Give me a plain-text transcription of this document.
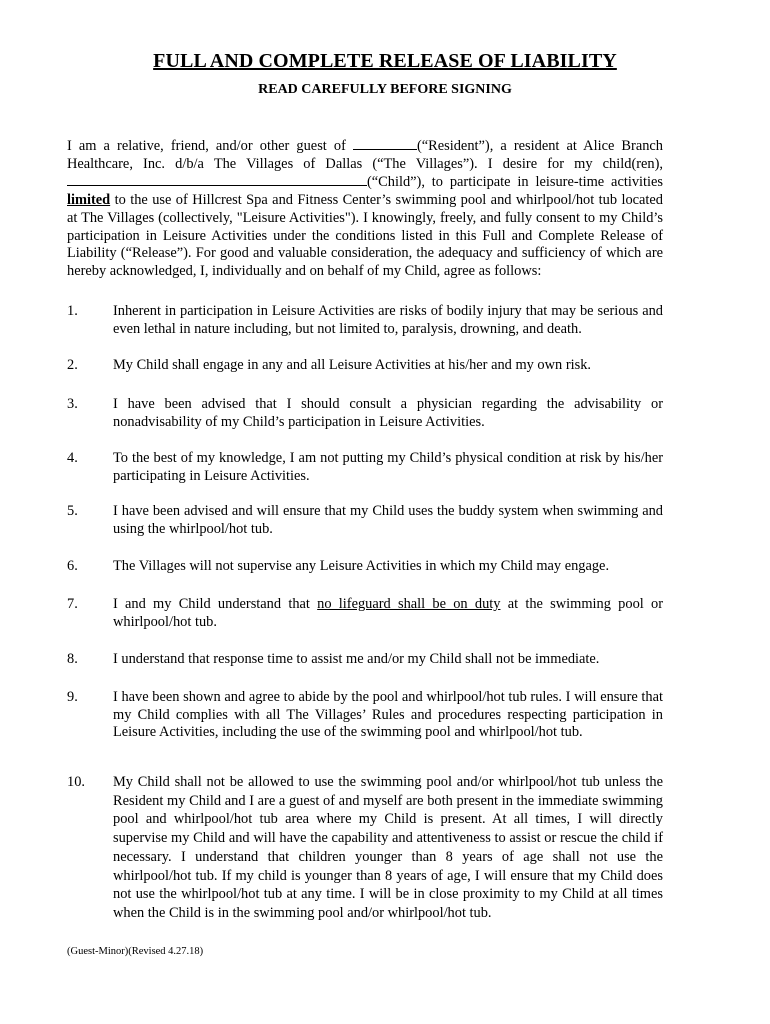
FULL AND COMPLETE RELEASE OF LIABILITY
READ CAREFULLY BEFORE SIGNING
I am a relative, friend, and/or other guest of	(“Resident”), a resident at Alice Branch Healthcare, Inc. d/b/a The Villages of Dallas (“The Villages”). I desire for my child(ren), (“Child”), to participate in leisure-time activities limited to the use of Hillcrest Spa and Fitness Center’s swimming pool and whirlpool/hot tub located at The Villages (collectively, "Leisure Activities"). I knowingly, freely, and fully consent to my Child’s participation in Leisure Activities under the conditions listed in this Full and Complete Release of Liability (“Release”). For good and valuable consideration, the adequacy and sufficiency of which are hereby acknowledged, I, individually and on behalf of my Child, agree as follows:
1. Inherent in participation in Leisure Activities are risks of bodily injury that may be serious and even lethal in nature including, but not limited to, paralysis, drowning, and death.
2. My Child shall engage in any and all Leisure Activities at his/her and my own risk.
3. I have been advised that I should consult a physician regarding the advisability or nonadvisability of my Child’s participation in Leisure Activities.
4. To the best of my knowledge, I am not putting my Child’s physical condition at risk by his/her participating in Leisure Activities.
5. I have been advised and will ensure that my Child uses the buddy system when swimming and using the whirlpool/hot tub.
6. The Villages will not supervise any Leisure Activities in which my Child may engage.
7. I and my Child understand that no lifeguard shall be on duty at the swimming pool or whirlpool/hot tub.
8. I understand that response time to assist me and/or my Child shall not be immediate.
9. I have been shown and agree to abide by the pool and whirlpool/hot tub rules. I will ensure that my Child complies with all The Villages’ Rules and procedures respecting participation in Leisure Activities, including the use of the swimming pool and whirlpool/hot tub.
10. My Child shall not be allowed to use the swimming pool and/or whirlpool/hot tub unless the Resident my Child and I are a guest of and myself are both present in the immediate swimming pool and whirlpool/hot tub area where my Child is present. At all times, I will directly supervise my Child and will have the capability and attentiveness to assist or rescue the child if necessary. I understand that children younger than 8 years of age shall not use the whirlpool/hot tub. If my child is younger than 8 years of age, I will ensure that my Child does not use the whirlpool/hot tub at any time. I will be in close proximity to my Child at all times when the Child is in the swimming pool and/or whirlpool/hot tub.
(Guest-Minor)(Revised 4.27.18)
